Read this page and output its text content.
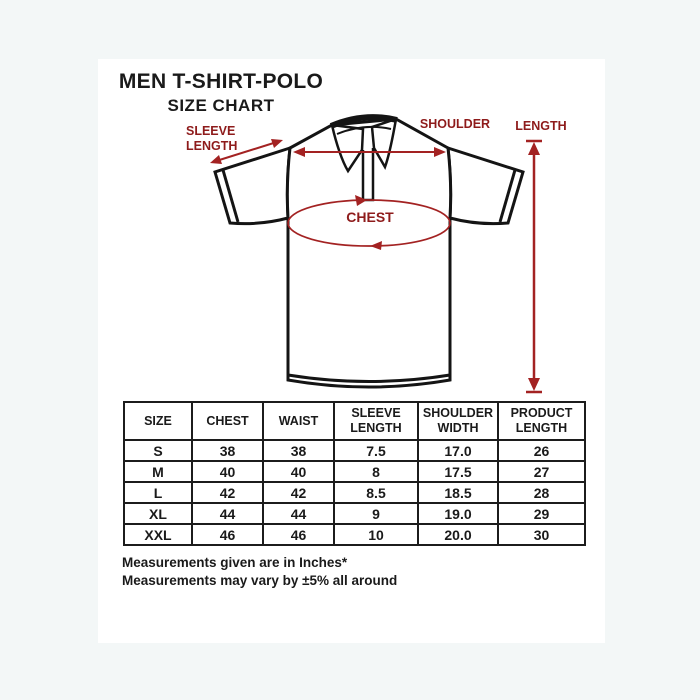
MEN T-SHIRT-POLO
SIZE CHART
SLEEVE LENGTH
SHOULDER	LENGTH
CHEST
SIZE	CHEST	WAIST	SLEEVE LENGTH	SHOULDER WIDTH	PRODUCT LENGTH
S	38	38	7.5	17.0	26
M	40	40	8	17.5	27
L	42	42	8.5	18.5	28
XL	44	44	9	19.0	29
XXL	46	46	10	20.0	30
Measurements given are in Inches*
Measurements may vary by ±5% all around
